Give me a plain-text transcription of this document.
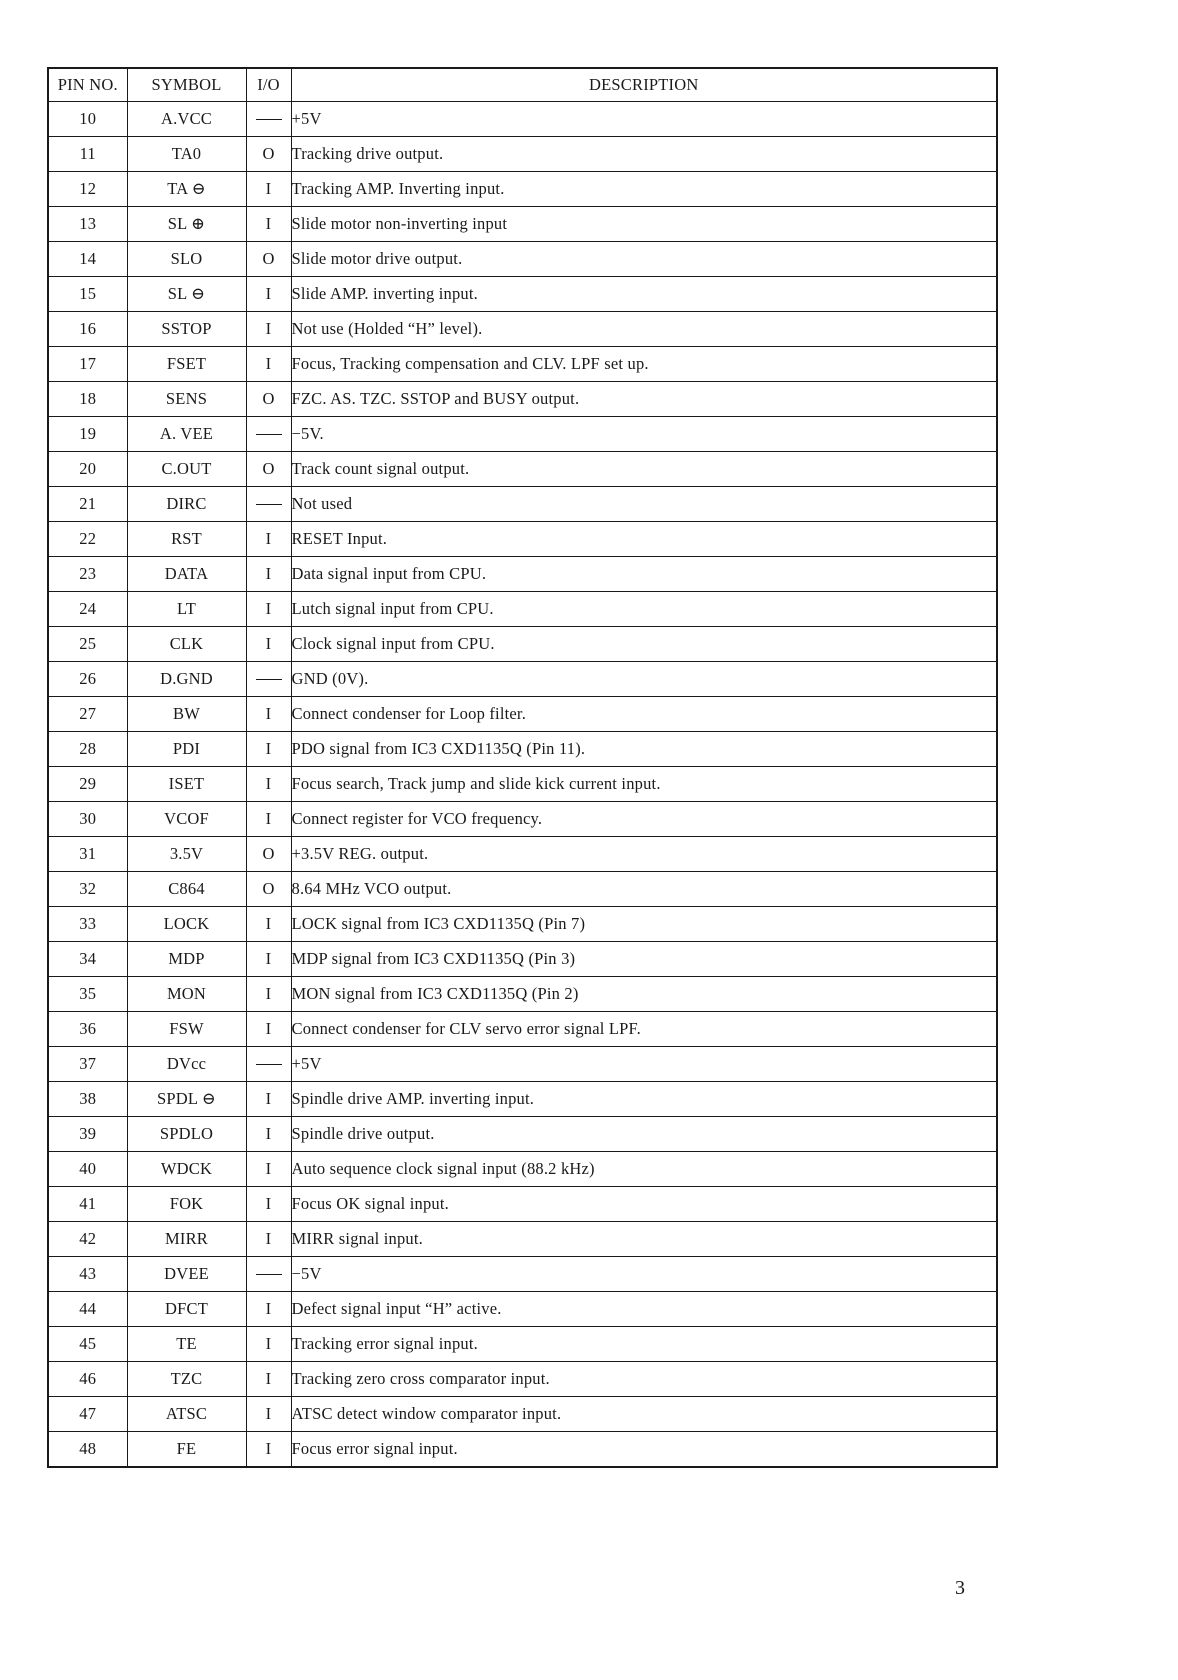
PIN NO.	SYMBOL	I/O	DESCRIPTION
10	A.VCC		+5V
11	TA0	O	Tracking drive output.
12	TA ⊖	I	Tracking AMP. Inverting input.
13	SL ⊕	I	Slide motor non-inverting input
14	SLO	O	Slide motor drive output.
15	SL ⊖	I	Slide AMP. inverting input.
16	SSTOP	I	Not use (Holded “H” level).
17	FSET	I	Focus, Tracking compensation and CLV. LPF set up.
18	SENS	O	FZC. AS. TZC. SSTOP and BUSY output.
19	A. VEE		−5V.
20	C.OUT	O	Track count signal output.
21	DIRC		Not used
22	RST	I	RESET Input.
23	DATA	I	Data signal input from CPU.
24	LT	I	Lutch signal input from CPU.
25	CLK	I	Clock signal input from CPU.
26	D.GND		GND (0V).
27	BW	I	Connect condenser for Loop filter.
28	PDI	I	PDO signal from IC3 CXD1135Q (Pin 11).
29	ISET	I	Focus search, Track jump and slide kick current input.
30	VCOF	I	Connect register for VCO frequency.
31	3.5V	O	+3.5V REG. output.
32	C864	O	8.64 MHz VCO output.
33	LOCK	I	LOCK signal from IC3 CXD1135Q (Pin 7)
34	MDP	I	MDP signal from IC3 CXD1135Q (Pin 3)
35	MON	I	MON signal from IC3 CXD1135Q (Pin 2)
36	FSW	I	Connect condenser for CLV servo error signal LPF.
37	DVcc		+5V
38	SPDL ⊖	I	Spindle drive AMP. inverting input.
39	SPDLO	I	Spindle drive output.
40	WDCK	I	Auto sequence clock signal input (88.2 kHz)
41	FOK	I	Focus OK signal input.
42	MIRR	I	MIRR signal input.
43	DVEE		−5V
44	DFCT	I	Defect signal input “H” active.
45	TE	I	Tracking error signal input.
46	TZC	I	Tracking zero cross comparator input.
47	ATSC	I	ATSC detect window comparator input.
48	FE	I	Focus error signal input.
3
